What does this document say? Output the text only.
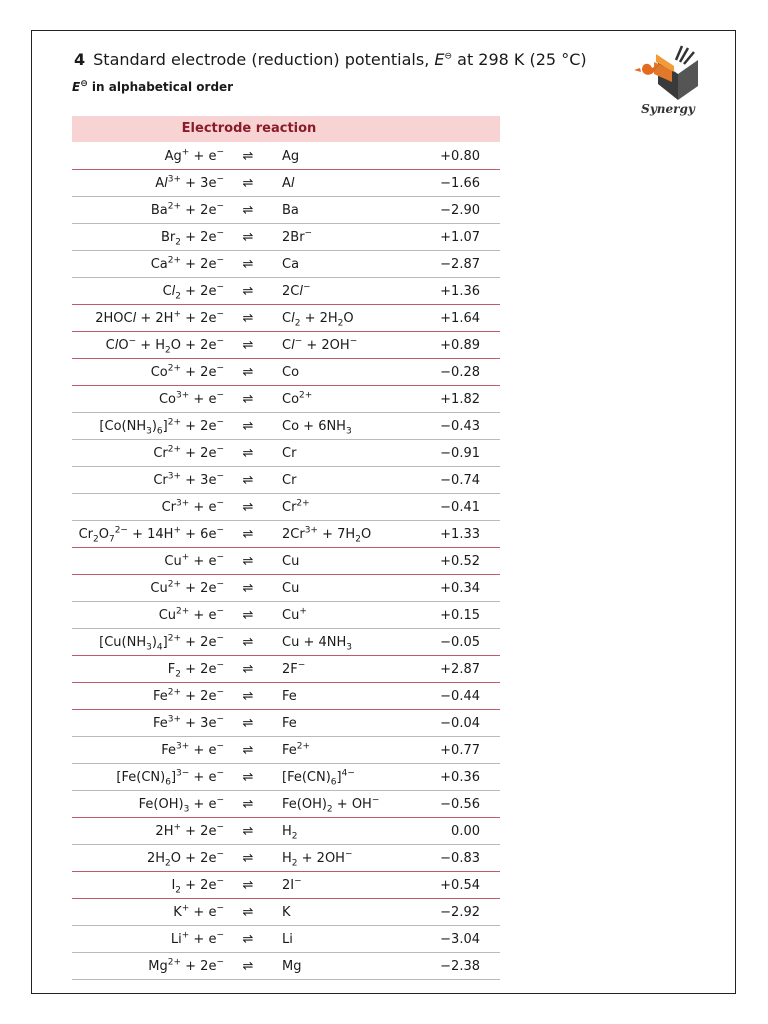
4 Standard electrode (reduction) potentials, E⊖ at 298 K (25 °C)
E⊖ in alphabetical order
Synergy
Electrode reaction
Ag+ + e−	⇌	Ag	+0.80
$Al^{3+} + 3e^-$	⇌	Al	−1.66
$Ba^{2+} + 2e^-$	⇌	Ba	−2.90
$Br_2 + 2e^-$	⇌	2Br−	+1.07
$Ca^{2+} + 2e^-$	⇌	Ca	−2.87
$Cl_2 + 2e^-$	⇌	2Cl−	+1.36
2HOCl + 2H+ + 2e−	⇌	$Cl_2 + 2H_2O$	+1.64
$ClO^- + H_2O + 2e^-$	⇌	Cl− + 2OH−	+0.89
$Co^{2+} + 2e^-$	⇌	Co	−0.28
$Co^{3+} + e^-$	⇌	$Co^{2+}$	+1.82
$[Co(NH_3)_6]^{2+} + 2e^-$	⇌	$Co + 6NH_3$	−0.43
$Cr^{2+} + 2e^-$	⇌	Cr	−0.91
$Cr^{3+} + 3e^-$	⇌	Cr	−0.74
$Cr^{3+} + e^-$	⇌	$Cr^{2+}$	−0.41
$Cr_2O_7^{2-} + 14H^+ + 6e^-$	⇌	$2Cr^{3+} + 7H_2O$	+1.33
Cu+ + e−	⇌	Cu	+0.52
$Cu^{2+} + 2e^-$	⇌	Cu	+0.34
$Cu^{2+} + e^-$	⇌	Cu+	+0.15
$[Cu(NH_3)_4]^{2+} + 2e^-$	⇌	$Cu + 4NH_3$	−0.05
$F_2 + 2e^-$	⇌	2F−	+2.87
$Fe^{2+} + 2e^-$	⇌	Fe	−0.44
$Fe^{3+} + 3e^-$	⇌	Fe	−0.04
$Fe^{3+} + e^-$	⇌	$Fe^{2+}$	+0.77
$[Fe(CN)_6]^{3-} + e^-$	⇌	$[Fe(CN)_6]^{4-}$	+0.36
$Fe(OH)_3 + e^-$	⇌	$Fe(OH)_2 + OH^-$	−0.56
2H+ + 2e−	⇌	$H_2$	0.00
$2H_2O + 2e^-$	⇌	$H_2 + 2OH^-$	−0.83
$I_2 + 2e^-$	⇌	2I−	+0.54
K+ + e−	⇌	K	−2.92
Li+ + e−	⇌	Li	−3.04
$Mg^{2+} + 2e^-$	⇌	Mg	−2.38
